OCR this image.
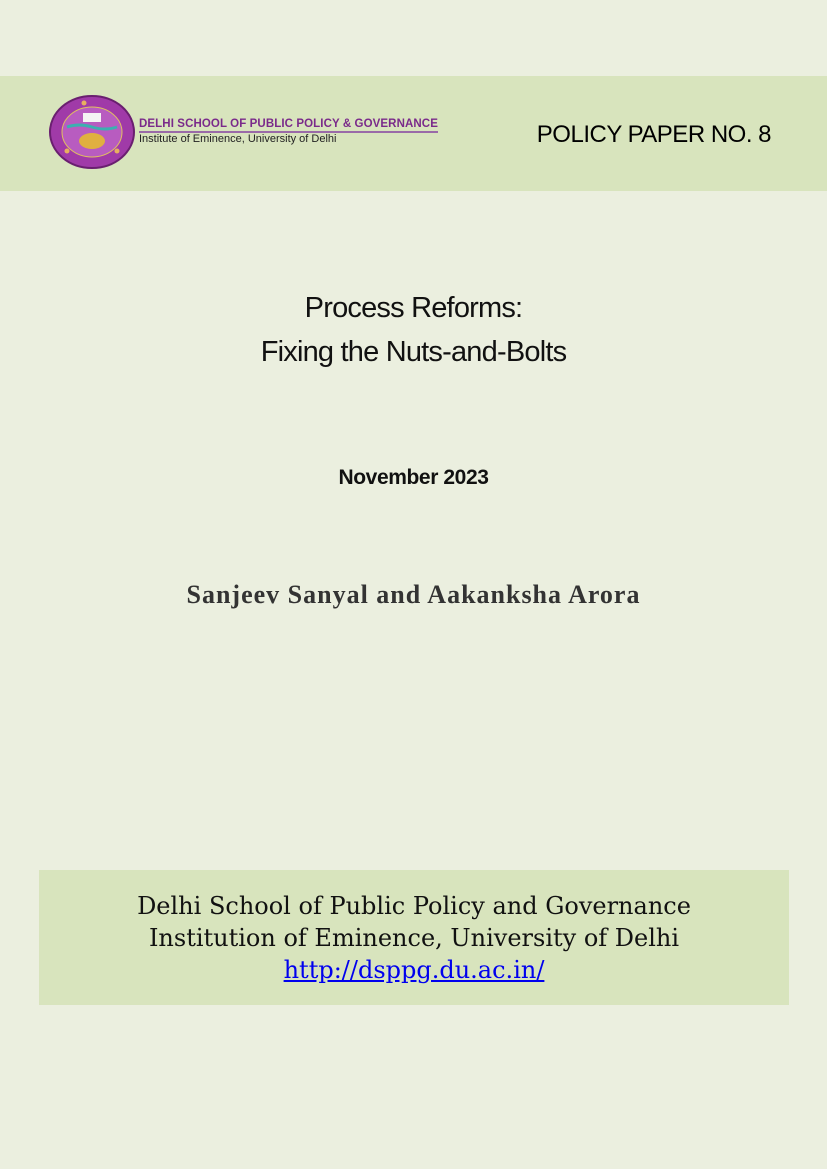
DELHI SCHOOL OF PUBLIC POLICY & GOVERNANCE
Institute of Eminence, University of Delhi	POLICY PAPER NO. 8
Process Reforms:
Fixing the Nuts-and-Bolts
November 2023
Sanjeev Sanyal and Aakanksha Arora
Delhi School of Public Policy and Governance
Institution of Eminence, University of Delhi
http://dsppg.du.ac.in/
